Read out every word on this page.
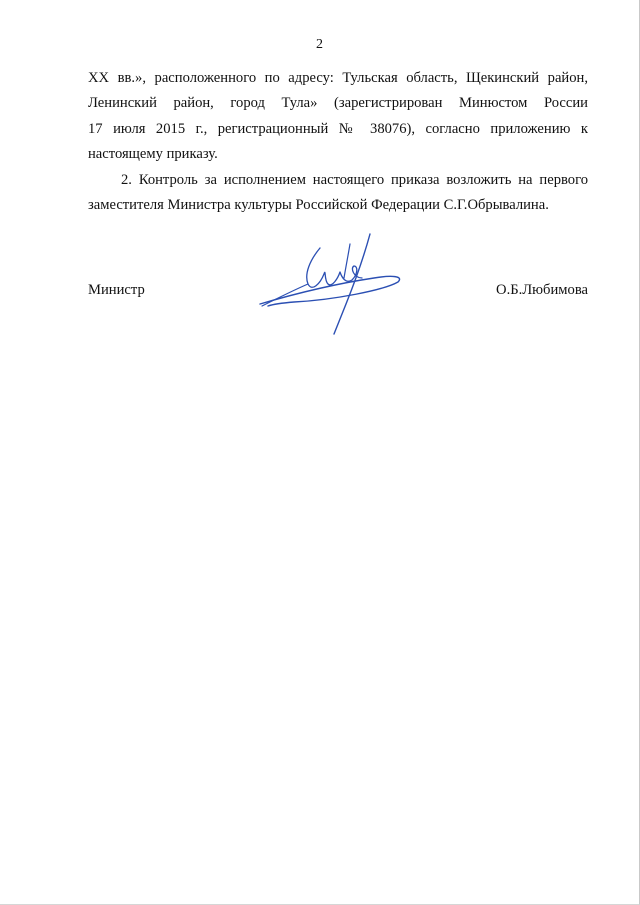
2

XX вв.», расположенного по адресу: Тульская область, Щекинский район,
Ленинский район, город Тула» (зарегистрирован Минюстом России
17 июля 2015 г., регистрационный № 38076), согласно приложению к
настоящему приказу.

2. Контроль за исполнением настоящего приказа возложить на первого
заместителя Министра культуры Российской Федерации С.Г.Обрывалина.

Министр	О.Б.Любимова
